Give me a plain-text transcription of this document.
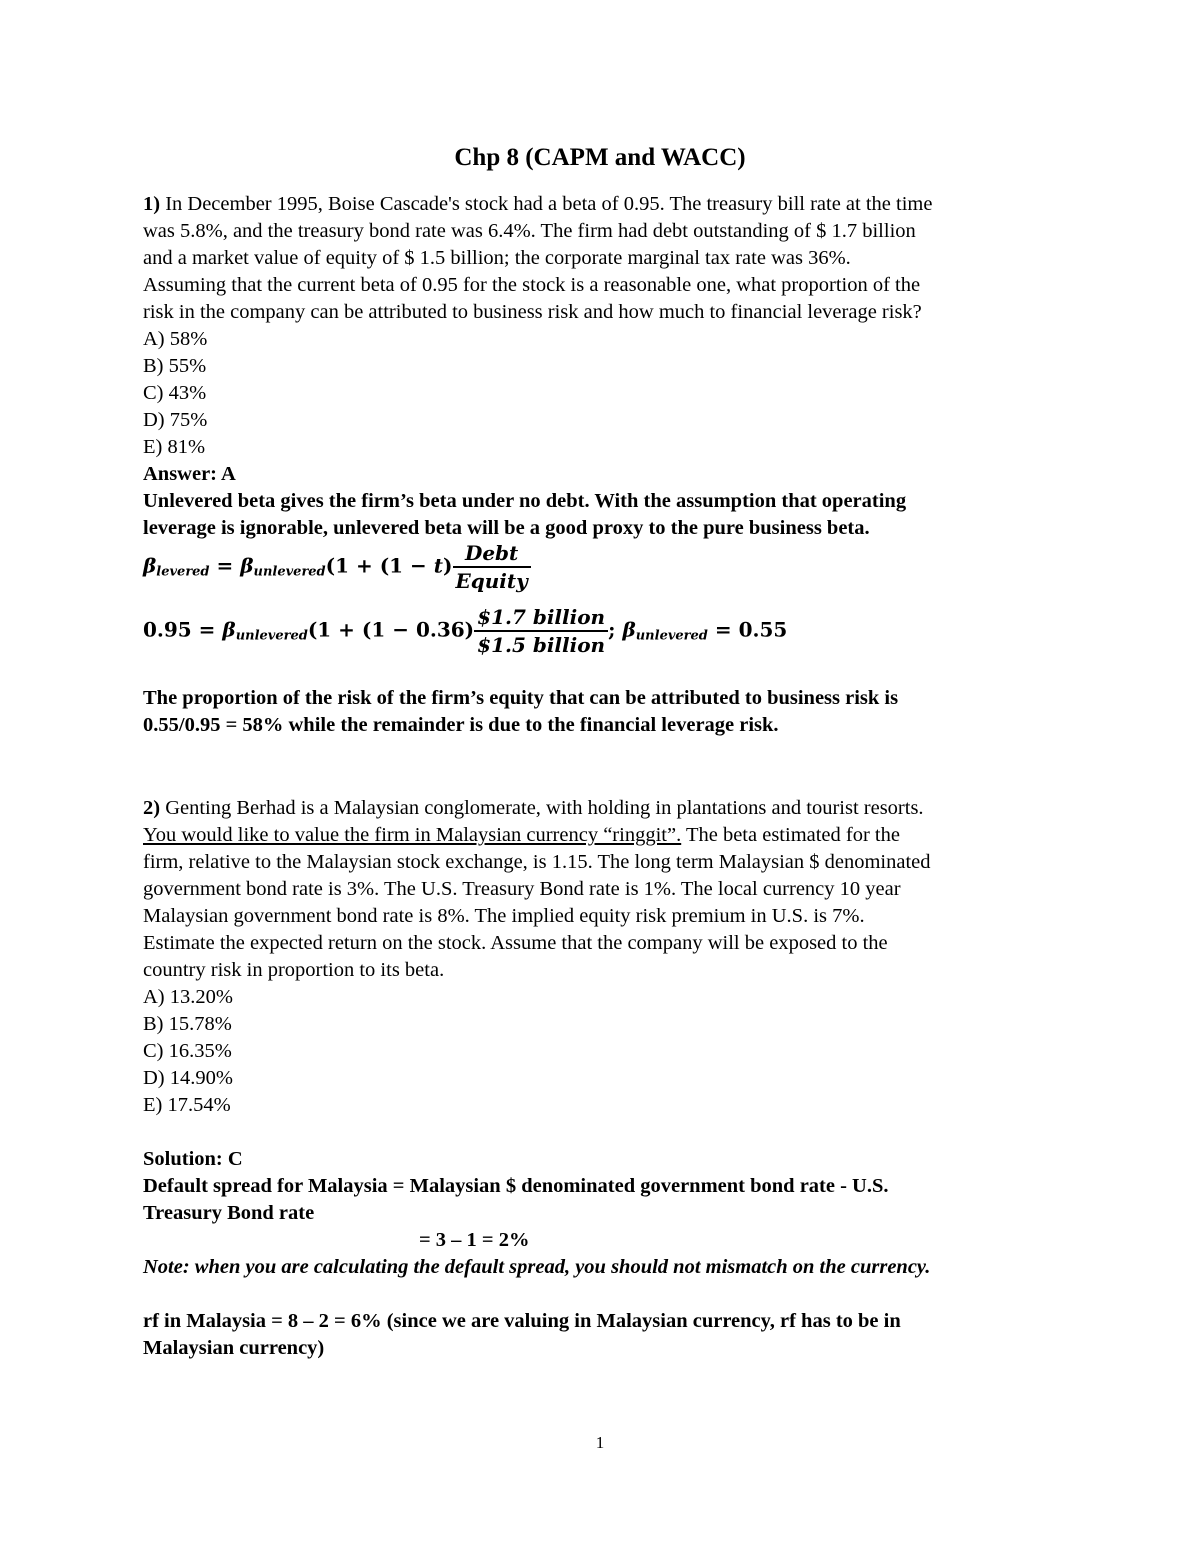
Chp 8 (CAPM and WACC)
1) In December 1995, Boise Cascade's stock had a beta of 0.95. The treasury bill rate at the time
was 5.8%, and the treasury bond rate was 6.4%. The firm had debt outstanding of $ 1.7 billion
and a market value of equity of $ 1.5 billion; the corporate marginal tax rate was 36%.
Assuming that the current beta of 0.95 for the stock is a reasonable one, what proportion of the
risk in the company can be attributed to business risk and how much to financial leverage risk?
A) 58%
B) 55%
C) 43%
D) 75%
E) 81%
Answer: A
Unlevered beta gives the firm’s beta under no debt. With the assumption that operating
leverage is ignorable, unlevered beta will be a good proxy to the pure business beta.
$\beta_{levered} = \beta_{unlevered}(1 + (1 - t) \frac{\text{Debt}}{\text{Equity}}$
$0.95 = \beta_{unlevered}(1 + (1 - 0.36) \frac{\text{\$1.7 billion}}{\text{\$1.5 billion}}$ ; $\beta_{unlevered} = 0.55$
The proportion of the risk of the firm’s equity that can be attributed to business risk is
0.55/0.95 = 58% while the remainder is due to the financial leverage risk.
2) Genting Berhad is a Malaysian conglomerate, with holding in plantations and tourist resorts.
You would like to value the firm in Malaysian currency “ringgit”. The beta estimated for the
firm, relative to the Malaysian stock exchange, is 1.15. The long term Malaysian $ denominated
government bond rate is 3%. The U.S. Treasury Bond rate is 1%. The local currency 10 year
Malaysian government bond rate is 8%. The implied equity risk premium in U.S. is 7%.
Estimate the expected return on the stock. Assume that the company will be exposed to the
country risk in proportion to its beta.
A) 13.20%
B) 15.78%
C) 16.35%
D) 14.90%
E) 17.54%
Solution: C
Default spread for Malaysia = Malaysian $ denominated government bond rate - U.S.
Treasury Bond rate
= 3 – 1 = 2%
Note: when you are calculating the default spread, you should not mismatch on the currency.
rf in Malaysia = 8 – 2 = 6% (since we are valuing in Malaysian currency, rf has to be in
Malaysian currency)
1
